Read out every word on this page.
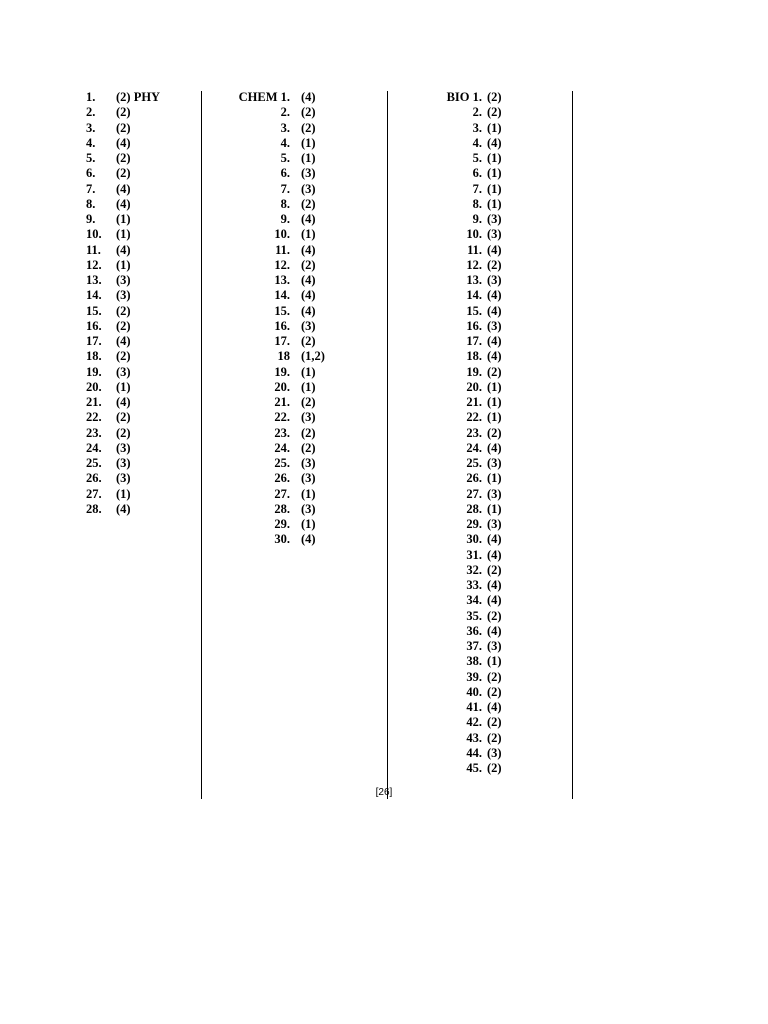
1. (2) PHY
2. (2)
3. (2)
4. (4)
5. (2)
6. (2)
7. (4)
8. (4)
9. (1)
10. (1)
11. (4)
12. (1)
13. (3)
14. (3)
15. (2)
16. (2)
17. (4)
18. (2)
19. (3)
20. (1)
21. (4)
22. (2)
23. (2)
24. (3)
25. (3)
26. (3)
27. (1)
28. (4)
CHEM 1. (4)
2. (2)
3. (2)
4. (1)
5. (1)
6. (3)
7. (3)
8. (2)
9. (4)
10. (1)
11. (4)
12. (2)
13. (4)
14. (4)
15. (4)
16. (3)
17. (2)
18 (1,2)
19. (1)
20. (1)
21. (2)
22. (3)
23. (2)
24. (2)
25. (3)
26. (3)
27. (1)
28. (3)
29. (1)
30. (4)
BIO 1. (2)
2. (2)
3. (1)
4. (4)
5. (1)
6. (1)
7. (1)
8. (1)
9. (3)
10. (3)
11. (4)
12. (2)
13. (3)
14. (4)
15. (4)
16. (3)
17. (4)
18. (4)
19. (2)
20. (1)
21. (1)
22. (1)
23. (2)
24. (4)
25. (3)
26. (1)
27. (3)
28. (1)
29. (3)
30. (4)
31. (4)
32. (2)
33. (4)
34. (4)
35. (2)
36. (4)
37. (3)
38. (1)
39. (2)
40. (2)
41. (4)
42. (2)
43. (2)
44. (3)
45. (2)
[26]
